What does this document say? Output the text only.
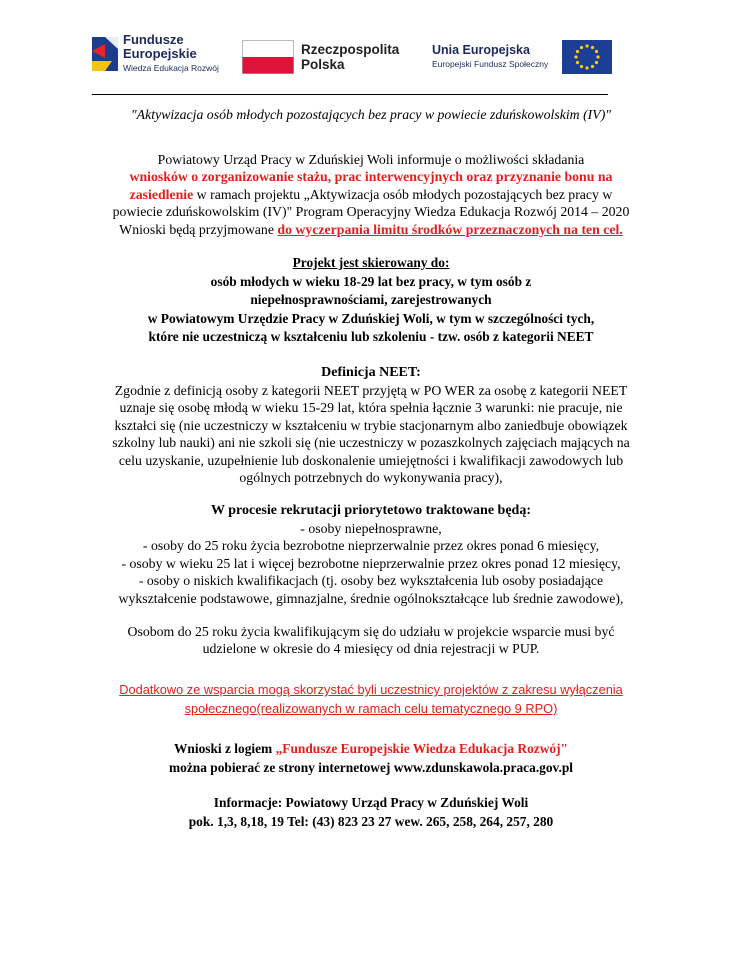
Fundusze
Europejskie
Wiedza Edukacja Rozwój
Rzeczpospolita
Polska
Unia Europejska
Europejski Fundusz Społeczny
"Aktywizacja osób młodych pozostających bez pracy w powiecie zduńskowolskim (IV)"
Powiatowy Urząd Pracy w Zduńskiej Woli informuje o możliwości składania
wniosków o zorganizowanie stażu, prac interwencyjnych oraz przyznanie bonu na
zasiedlenie w ramach projektu „Aktywizacja osób młodych pozostających bez pracy w
powiecie zduńskowolskim (IV)" Program Operacyjny Wiedza Edukacja Rozwój 2014 – 2020
Wnioski będą przyjmowane do wyczerpania limitu środków przeznaczonych na ten cel.
Projekt jest skierowany do:
osób młodych w wieku 18-29 lat bez pracy, w tym osób z
niepełnosprawnościami, zarejestrowanych
w Powiatowym Urzędzie Pracy w Zduńskiej Woli, w tym w szczególności tych,
które nie uczestniczą w kształceniu lub szkoleniu - tzw. osób z kategorii NEET
Definicja NEET:
Zgodnie z definicją osoby z kategorii NEET przyjętą w PO WER za osobę z kategorii NEET
uznaje się osobę młodą w wieku 15-29 lat, która spełnia łącznie 3 warunki: nie pracuje, nie
kształci się (nie uczestniczy w kształceniu w trybie stacjonarnym albo zaniedbuje obowiązek
szkolny lub nauki) ani nie szkoli się (nie uczestniczy w pozaszkolnych zajęciach mających na
celu uzyskanie, uzupełnienie lub doskonalenie umiejętności i kwalifikacji zawodowych lub
ogólnych potrzebnych do wykonywania pracy),
W procesie rekrutacji priorytetowo traktowane będą:
- osoby niepełnosprawne,
- osoby do 25 roku życia bezrobotne nieprzerwalnie przez okres ponad 6 miesięcy,
- osoby w wieku 25 lat i więcej bezrobotne nieprzerwalnie przez okres ponad 12 miesięcy,
- osoby o niskich kwalifikacjach (tj. osoby bez wykształcenia lub osoby posiadające
wykształcenie podstawowe, gimnazjalne, średnie ogólnokształcące lub średnie zawodowe),
Osobom do 25 roku życia kwalifikującym się do udziału w projekcie wsparcie musi być
udzielone w okresie do 4 miesięcy od dnia rejestracji w PUP.
Dodatkowo ze wsparcia mogą skorzystać byli uczestnicy projektów z zakresu wyłączenia
społecznego(realizowanych w ramach celu tematycznego 9 RPO)
Wnioski z logiem „Fundusze Europejskie Wiedza Edukacja Rozwój"
można pobierać ze strony internetowej www.zdunskawola.praca.gov.pl
Informacje: Powiatowy Urząd Pracy w Zduńskiej Woli
pok. 1,3, 8,18, 19 Tel: (43) 823 23 27 wew. 265, 258, 264, 257, 280
